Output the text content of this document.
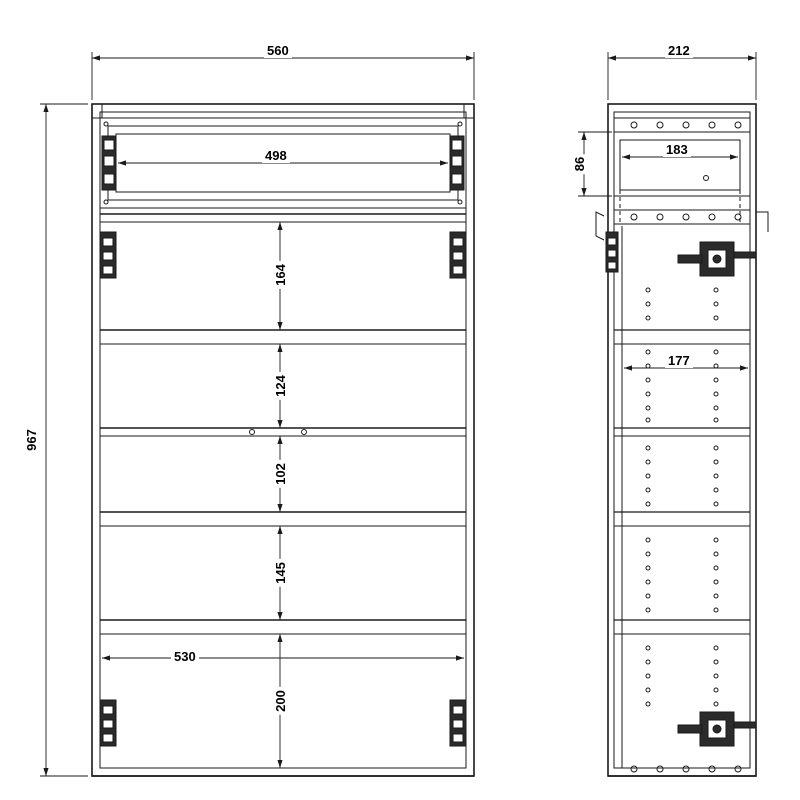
560
967
498
164
124
102
145
200
530
212
86
183
177
